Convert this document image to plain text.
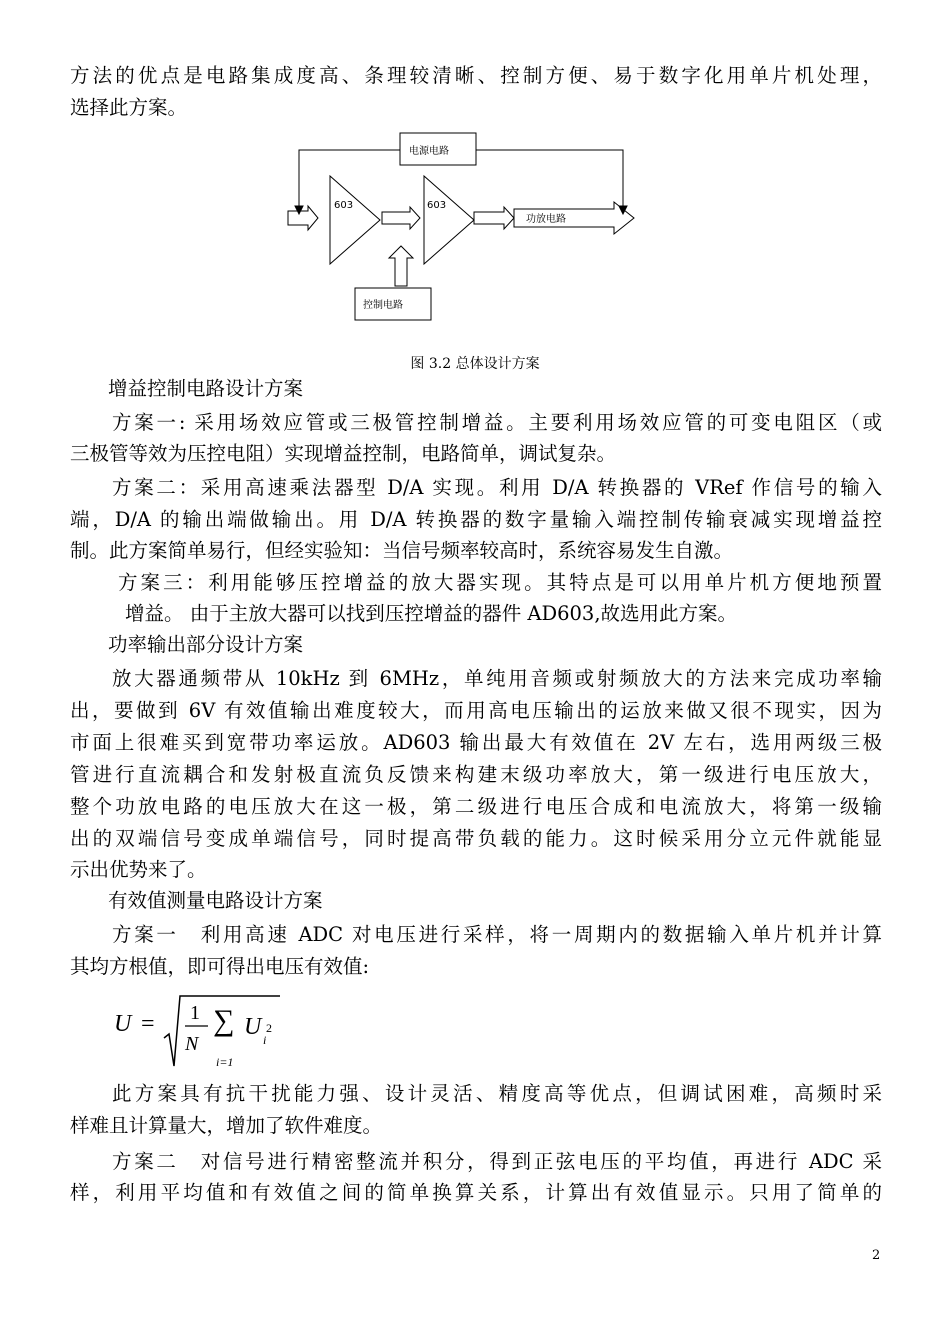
方法的优点是电路集成度高、条理较清晰、控制方便、易于数字化用单片机处理，
选择此方案。
电源电路
603	603
功放电路
控制电路
图 3.2 总体设计方案
增益控制电路设计方案
方案一: 采用场效应管或三极管控制增益。主要利用场效应管的可变电阻区（或
三极管等效为压控电阻）实现增益控制，电路简单，调试复杂。
方案二：采用高速乘法器型 D/A 实现。利用 D/A 转换器的 VRef 作信号的输入
端，D/A 的输出端做输出。用 D/A 转换器的数字量输入端控制传输衰减实现增益控
制。此方案简单易行，但经实验知：当信号频率较高时，系统容易发生自激。
方案三：利用能够压控增益的放大器实现。其特点是可以用单片机方便地预置
增益。 由于主放大器可以找到压控增益的器件 AD603,故选用此方案。
功率输出部分设计方案
放大器通频带从 10kHz 到 6MHz，单纯用音频或射频放大的方法来完成功率输
出，要做到 6V 有效值输出难度较大，而用高电压输出的运放来做又很不现实，因为
市面上很难买到宽带功率运放。AD603 输出最大有效值在 2V 左右，选用两级三极
管进行直流耦合和发射极直流负反馈来构建末级功率放大，第一级进行电压放大，
整个功放电路的电压放大在这一极，第二级进行电压合成和电流放大，将第一级输
出的双端信号变成单端信号，同时提高带负载的能力。这时候采用分立元件就能显
示出优势来了。
有效值测量电路设计方案
方案一　利用高速 ADC 对电压进行采样，将一周期内的数据输入单片机并计算
其均方根值，即可得出电压有效值:
U = 1
N
∑ U 2
i
i=1
此方案具有抗干扰能力强、设计灵活、精度高等优点，但调试困难，高频时采
样难且计算量大，增加了软件难度。
方案二　对信号进行精密整流并积分，得到正弦电压的平均值，再进行 ADC 采
样，利用平均值和有效值之间的简单换算关系，计算出有效值显示。只用了简单的
2
